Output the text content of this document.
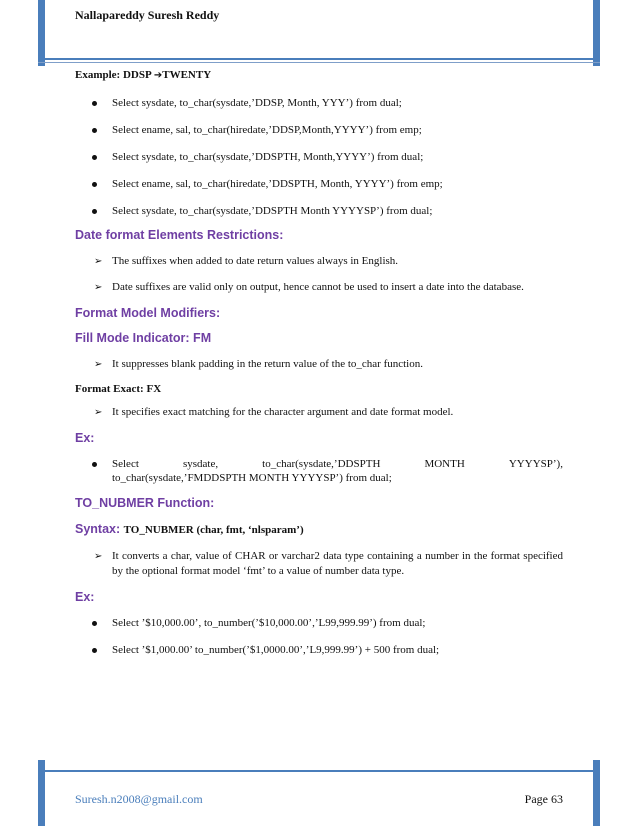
Nallapareddy Suresh Reddy
Example: DDSP ➔TWENTY
Select sysdate, to_char(sysdate,’DDSP, Month, YYY’) from dual;
Select ename, sal, to_char(hiredate,’DDSP,Month,YYYY’) from emp;
Select sysdate, to_char(sysdate,’DDSPTH, Month,YYYY’) from dual;
Select ename, sal, to_char(hiredate,’DDSPTH, Month, YYYY’) from emp;
Select sysdate, to_char(sysdate,’DDSPTH Month YYYYSP’) from dual;
Date format Elements Restrictions:
➢ The suffixes when added to date return values always in English.
➢ Date suffixes are valid only on output, hence cannot be used to insert a date into the database.
Format Model Modifiers:
Fill Mode Indicator: FM
➢ It suppresses blank padding in the return value of the to_char function.
Format Exact: FX
➢ It specifies exact matching for the character argument and date format model.
Ex:
Select	sysdate,	to_char(sysdate,’DDSPTH	MONTH	YYYYSP’),
to_char(sysdate,’FMDDSPTH MONTH YYYYSP’) from dual;
TO_NUBMER Function:
Syntax: TO_NUBMER (char, fmt, ‘nlsparam’)
➢ It converts a char, value of CHAR or varchar2 data type containing a number in the format specified by the optional format model ‘fmt’ to a value of number data type.
Ex:
Select ’$10,000.00’, to_number(’$10,000.00’,’L99,999.99’) from dual;
Select ’$1,000.00’ to_number(’$1,0000.00’,’L9,999.99’) + 500 from dual;
Suresh.n2008@gmail.com	Page 63
